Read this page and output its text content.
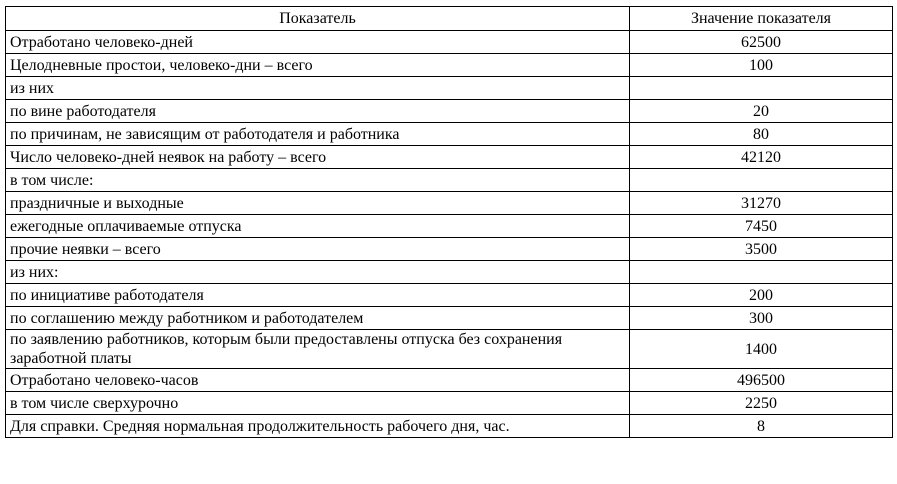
Показатель	Значение показателя
Отработано человеко-дней	62500
Целодневные простои, человеко-дни – всего	100
из них	
по вине работодателя	20
по причинам, не зависящим от работодателя и работника	80
Число человеко-дней неявок на работу – всего	42120
в том числе:	
праздничные и выходные	31270
ежегодные оплачиваемые отпуска	7450
прочие неявки – всего	3500
из них:	
по инициативе работодателя	200
по соглашению между работником и работодателем	300
по заявлению работников, которым были предоставлены отпуска без сохранения заработной платы	1400
Отработано человеко-часов	496500
в том числе сверхурочно	2250
Для справки. Средняя нормальная продолжительность рабочего дня, час.	8
